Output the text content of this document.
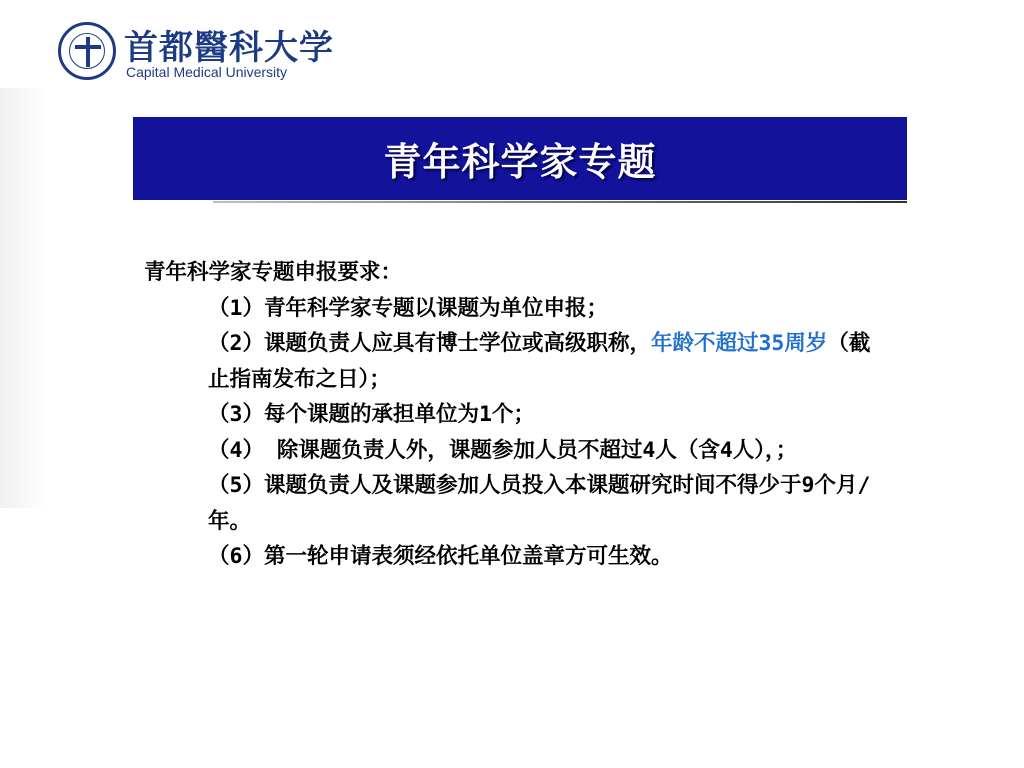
首都醫科大学
Capital Medical University
青年科学家专题

青年科学家专题申报要求：

（1）青年科学家专题以课题为单位申报；

（2）课题负责人应具有博士学位或高级职称，年龄不超过35周岁（截止指南发布之日）；

（3）每个课题的承担单位为1个；

（4） 除课题负责人外，课题参加人员不超过4人（含4人），；

（5）课题负责人及课题参加人员投入本课题研究时间不得少于9个月/年。

（6）第一轮申请表须经依托单位盖章方可生效。
